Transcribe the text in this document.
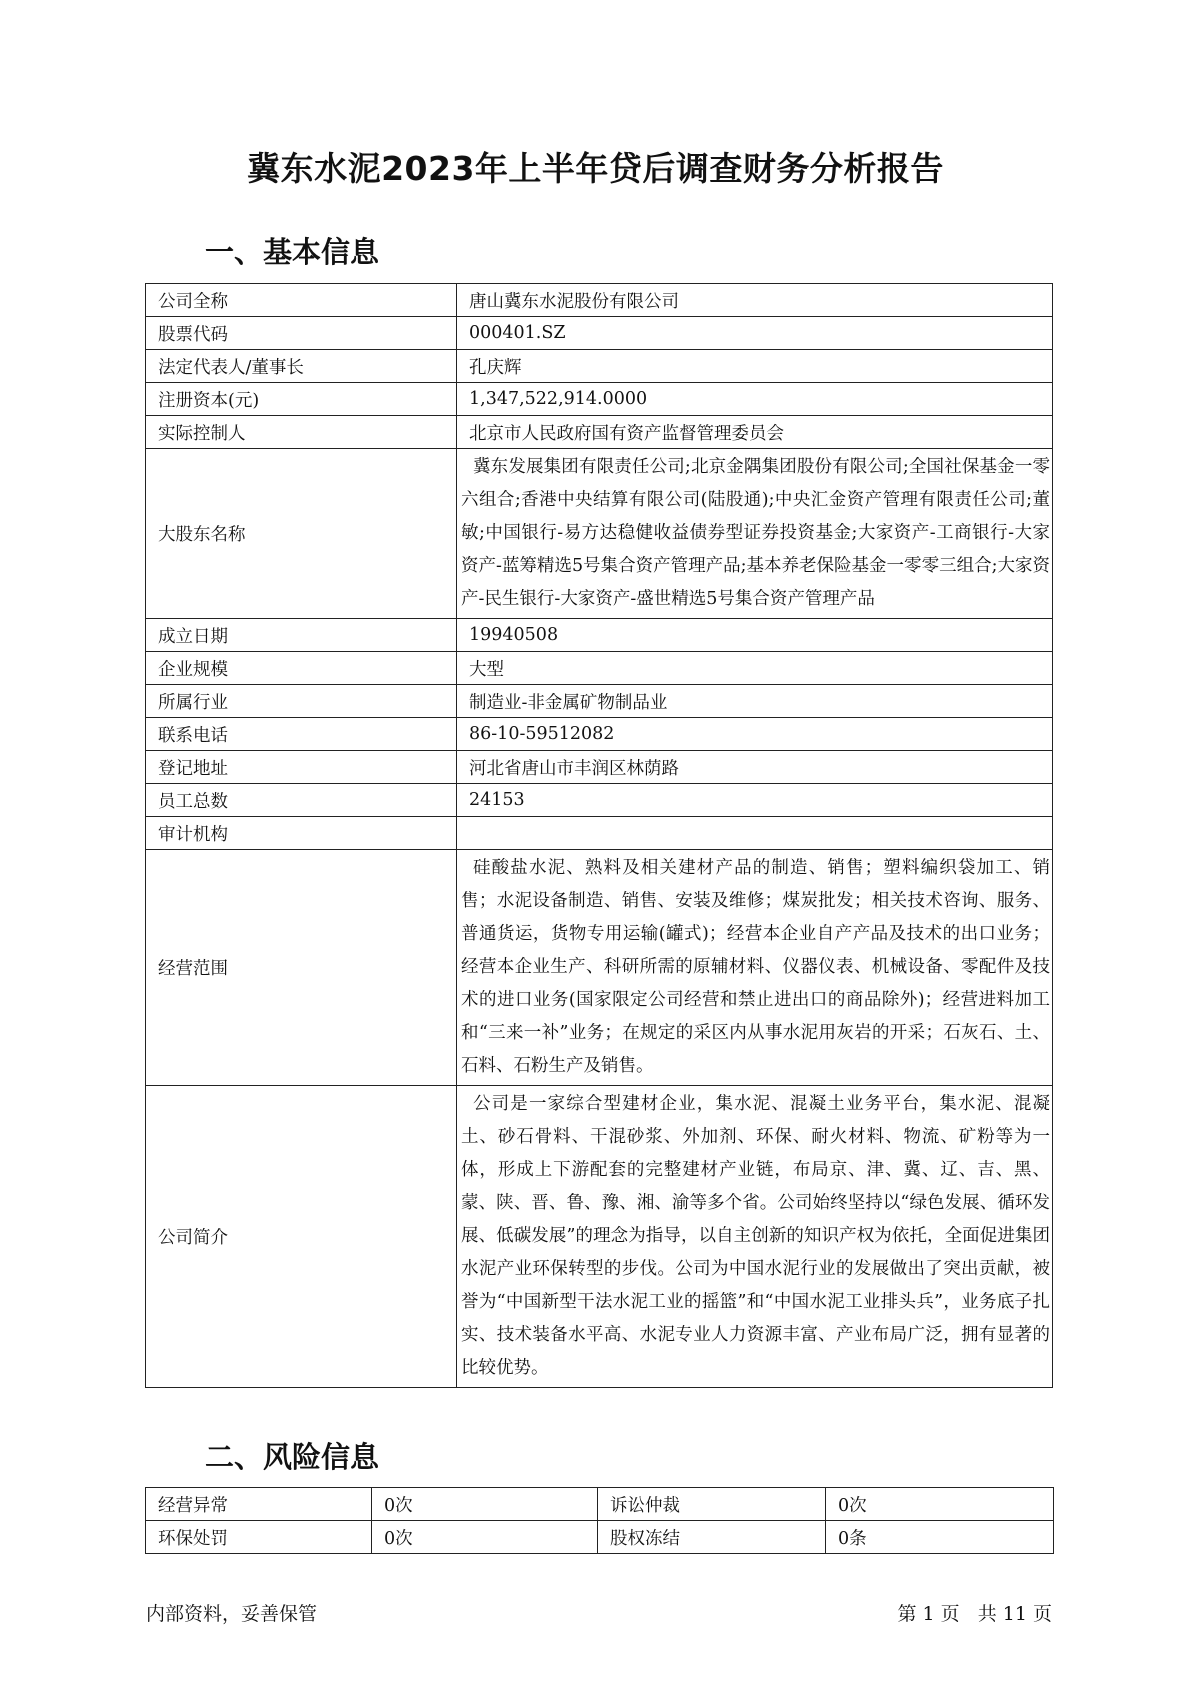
冀东水泥2023年上半年贷后调查财务分析报告
一、基本信息
公司全称	唐山冀东水泥股份有限公司
股票代码	000401.SZ
法定代表人/董事长	孔庆辉
注册资本(元)	1,347,522,914.0000
实际控制人	北京市人民政府国有资产监督管理委员会
大股东名称	冀东发展集团有限责任公司;北京金隅集团股份有限公司;全国社保基金一零六组合;香港中央结算有限公司(陆股通);中央汇金资产管理有限责任公司;董敏;中国银行-易方达稳健收益债券型证券投资基金;大家资产-工商银行-大家资产-蓝筹精选5号集合资产管理产品;基本养老保险基金一零零三组合;大家资产-民生银行-大家资产-盛世精选5号集合资产管理产品
成立日期	19940508
企业规模	大型
所属行业	制造业-非金属矿物制品业
联系电话	86-10-59512082
登记地址	河北省唐山市丰润区林荫路
员工总数	24153
审计机构	
经营范围	硅酸盐水泥、熟料及相关建材产品的制造、销售；塑料编织袋加工、销售；水泥设备制造、销售、安装及维修；煤炭批发；相关技术咨询、服务、普通货运，货物专用运输(罐式)；经营本企业自产产品及技术的出口业务；经营本企业生产、科研所需的原辅材料、仪器仪表、机械设备、零配件及技术的进口业务(国家限定公司经营和禁止进出口的商品除外)；经营进料加工和“三来一补”业务；在规定的采区内从事水泥用灰岩的开采；石灰石、土、石料、石粉生产及销售。
公司简介	公司是一家综合型建材企业，集水泥、混凝土业务平台，集水泥、混凝土、砂石骨料、干混砂浆、外加剂、环保、耐火材料、物流、矿粉等为一体，形成上下游配套的完整建材产业链，布局京、津、冀、辽、吉、黑、蒙、陕、晋、鲁、豫、湘、渝等多个省。公司始终坚持以“绿色发展、循环发展、低碳发展”的理念为指导，以自主创新的知识产权为依托，全面促进集团水泥产业环保转型的步伐。公司为中国水泥行业的发展做出了突出贡献，被誉为“中国新型干法水泥工业的摇篮”和“中国水泥工业排头兵”，业务底子扎实、技术装备水平高、水泥专业人力资源丰富、产业布局广泛，拥有显著的比较优势。
二、风险信息
经营异常	0次	诉讼仲裁	0次
环保处罚	0次	股权冻结	0条
内部资料，妥善保管	第 1 页   共 11 页
